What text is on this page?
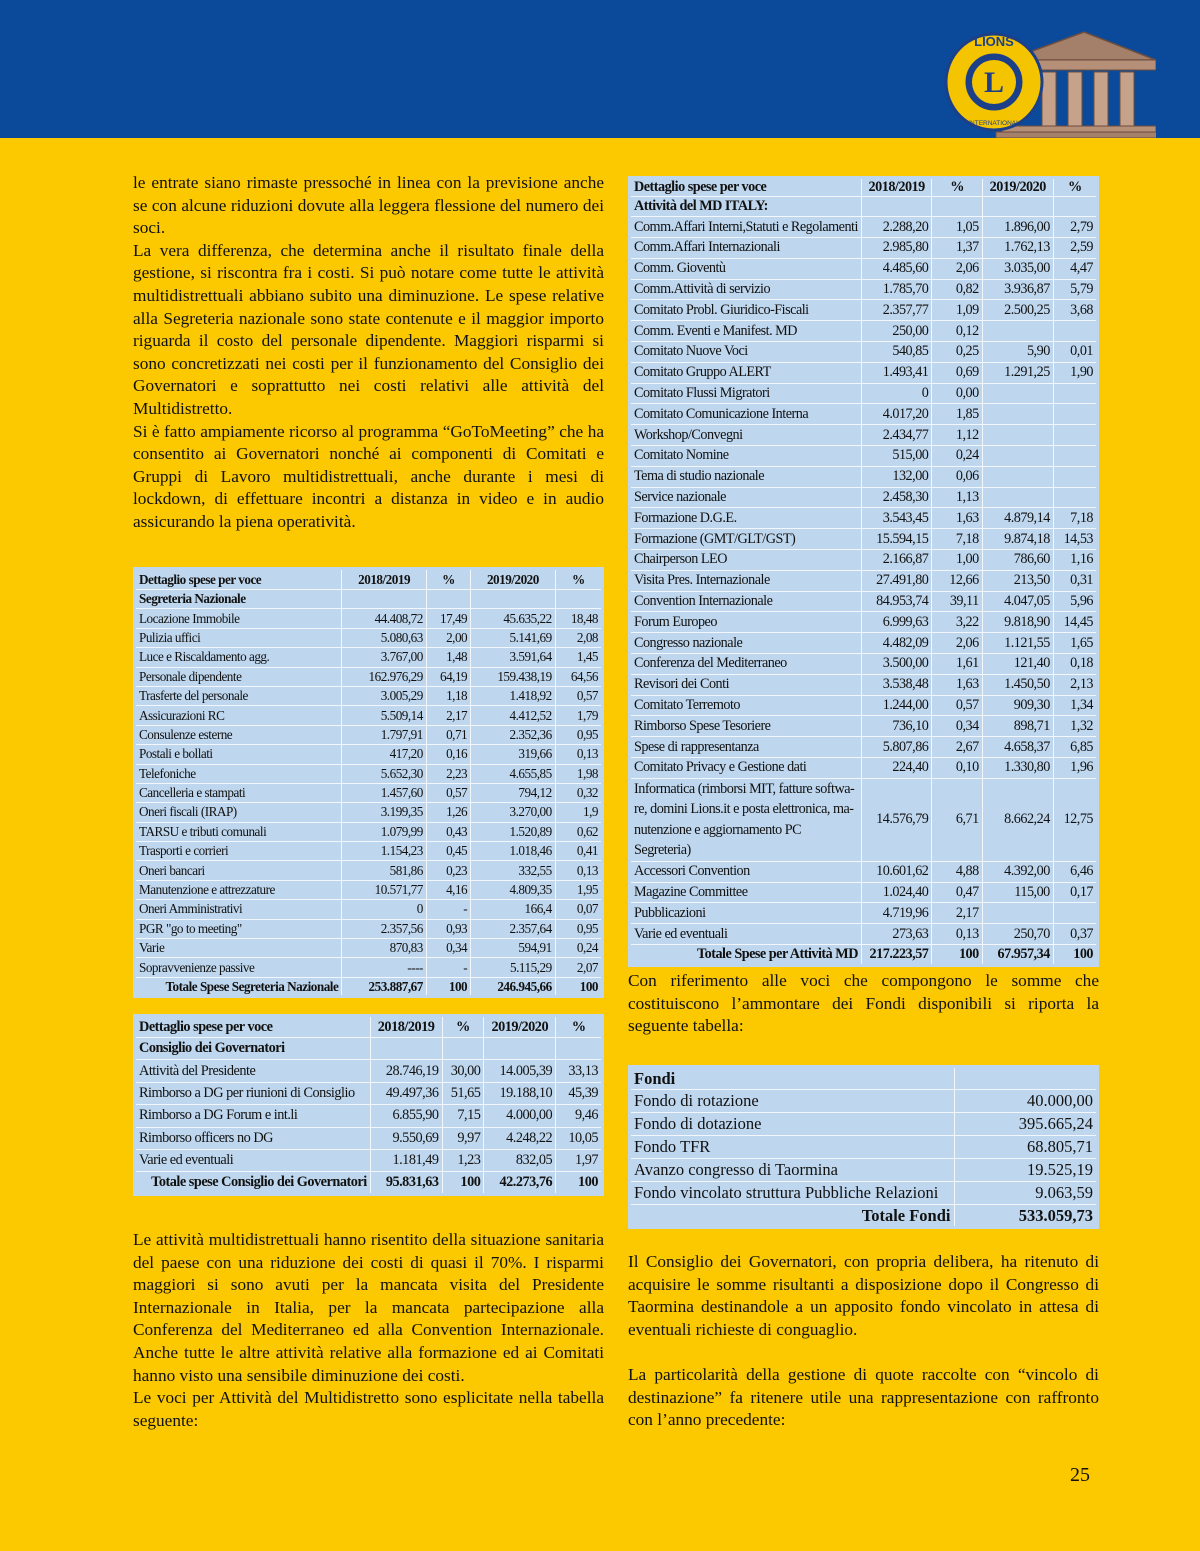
L
LIONS
INTERNATIONAL

le entrate siano rimaste pressoché in linea con la previsione anche se con alcune riduzioni dovute alla leggera flessione del numero dei soci.

La vera differenza, che determina anche il risultato finale della gestione, si riscontra fra i costi. Si può notare come tutte le attività multidistrettuali abbiano subito una diminuzione. Le spese relative alla Segreteria nazionale sono state contenute e il maggior importo riguarda il costo del personale dipendente. Maggiori risparmi si sono concretizzati nei costi per il funzionamento del Consiglio dei Governatori e soprattutto nei costi relativi alle attività del Multidistretto.

Si è fatto ampiamente ricorso al programma “GoToMeeting” che ha consentito ai Governatori nonché ai componenti di Comitati e Gruppi di Lavoro multidistrettuali, anche durante i mesi di lockdown, di effettuare incontri a distanza in video e in audio assicurando la piena operatività.

Dettaglio spese per voce	2018/2019	%	2019/2020	%
Segreteria Nazionale				
Locazione Immobile	44.408,72	17,49	45.635,22	18,48
Pulizia uffici	5.080,63	2,00	5.141,69	2,08
Luce e Riscaldamento agg.	3.767,00	1,48	3.591,64	1,45
Personale dipendente	162.976,29	64,19	159.438,19	64,56
Trasferte del personale	3.005,29	1,18	1.418,92	0,57
Assicurazioni RC	5.509,14	2,17	4.412,52	1,79
Consulenze esterne	1.797,91	0,71	2.352,36	0,95
Postali e bollati	417,20	0,16	319,66	0,13
Telefoniche	5.652,30	2,23	4.655,85	1,98
Cancelleria e stampati	1.457,60	0,57	794,12	0,32
Oneri fiscali (IRAP)	3.199,35	1,26	3.270,00	1,9
TARSU e tributi comunali	1.079,99	0,43	1.520,89	0,62
Trasporti e corrieri	1.154,23	0,45	1.018,46	0,41
Oneri bancari	581,86	0,23	332,55	0,13
Manutenzione e attrezzature	10.571,77	4,16	4.809,35	1,95
Oneri Amministrativi	0	-	166,4	0,07
PGR "go to meeting"	2.357,56	0,93	2.357,64	0,95
Varie	870,83	0,34	594,91	0,24
Sopravvenienze passive	----	-	5.115,29	2,07
Totale Spese Segreteria Nazionale	253.887,67	100	246.945,66	100
Dettaglio spese per voce	2018/2019	%	2019/2020	%
Consiglio dei Governatori				
Attività del Presidente	28.746,19	30,00	14.005,39	33,13
Rimborso a DG per riunioni di Consiglio	49.497,36	51,65	19.188,10	45,39
Rimborso a DG Forum e int.li	6.855,90	7,15	4.000,00	9,46
Rimborso officers no DG	9.550,69	9,97	4.248,22	10,05
Varie ed eventuali	1.181,49	1,23	832,05	1,97
Totale spese Consiglio dei Governatori	95.831,63	100	42.273,76	100

Le attività multidistrettuali hanno risentito della situazione sanitaria del paese con una riduzione dei costi di quasi il 70%. I risparmi maggiori si sono avuti per la mancata visita del Presidente Internazionale in Italia, per la mancata partecipazione alla Conferenza del Mediterraneo ed alla Convention Internazionale. Anche tutte le altre attività relative alla formazione ed ai Comitati hanno visto una sensibile diminuzione dei costi.

Le voci per Attività del Multidistretto sono esplicitate nella tabella seguente:

Dettaglio spese per voce	2018/2019	%	2019/2020	%
Attività del MD ITALY:				
Comm.Affari Interni,Statuti e Regolamenti	2.288,20	1,05	1.896,00	2,79
Comm.Affari Internazionali	2.985,80	1,37	1.762,13	2,59
Comm. Gioventù	4.485,60	2,06	3.035,00	4,47
Comm.Attività di servizio	1.785,70	0,82	3.936,87	5,79
Comitato Probl. Giuridico-Fiscali	2.357,77	1,09	2.500,25	3,68
Comm. Eventi e Manifest. MD	250,00	0,12		
Comitato Nuove Voci	540,85	0,25	5,90	0,01
Comitato Gruppo ALERT	1.493,41	0,69	1.291,25	1,90
Comitato Flussi Migratori	0	0,00		
Comitato Comunicazione Interna	4.017,20	1,85		
Workshop/Convegni	2.434,77	1,12		
Comitato Nomine	515,00	0,24		
Tema di studio nazionale	132,00	0,06		
Service nazionale	2.458,30	1,13		
Formazione D.G.E.	3.543,45	1,63	4.879,14	7,18
Formazione (GMT/GLT/GST)	15.594,15	7,18	9.874,18	14,53
Chairperson LEO	2.166,87	1,00	786,60	1,16
Visita Pres. Internazionale	27.491,80	12,66	213,50	0,31
Convention Internazionale	84.953,74	39,11	4.047,05	5,96
Forum Europeo	6.999,63	3,22	9.818,90	14,45
Congresso nazionale	4.482,09	2,06	1.121,55	1,65
Conferenza del Mediterraneo	3.500,00	1,61	121,40	0,18
Revisori dei Conti	3.538,48	1,63	1.450,50	2,13
Comitato Terremoto	1.244,00	0,57	909,30	1,34
Rimborso Spese Tesoriere	736,10	0,34	898,71	1,32
Spese di rappresentanza	5.807,86	2,67	4.658,37	6,85
Comitato Privacy e Gestione dati	224,40	0,10	1.330,80	1,96

Informatica (rimborsi MIT, fatture softwa-
re, domini Lions.it e posta elettronica, ma-
nutenzione e aggiornamento PC Segreteria)	14.576,79	6,71	8.662,24	12,75
Accessori Convention	10.601,62	4,88	4.392,00	6,46
Magazine Committee	1.024,40	0,47	115,00	0,17
Pubblicazioni	4.719,96	2,17		
Varie ed eventuali	273,63	0,13	250,70	0,37
Totale Spese per Attività MD	217.223,57	100	67.957,34	100

Con riferimento alle voci che compongono le somme che costituiscono l’ammontare dei Fondi disponibili si riporta la seguente tabella:

Fondi	
Fondo di rotazione	40.000,00
Fondo di dotazione	395.665,24
Fondo TFR	68.805,71
Avanzo congresso di Taormina	19.525,19
Fondo vincolato struttura Pubbliche Relazioni	9.063,59
Totale Fondi	533.059,73

Il Consiglio dei Governatori, con propria delibera, ha ritenuto di acquisire le somme risultanti a disposizione dopo il Congresso di Taormina destinandole a un apposito fondo vincolato in attesa di eventuali richieste di conguaglio.

La particolarità della gestione di quote raccolte con “vincolo di destinazione” fa ritenere utile una rappresentazione con raffronto con l’anno precedente:

25
